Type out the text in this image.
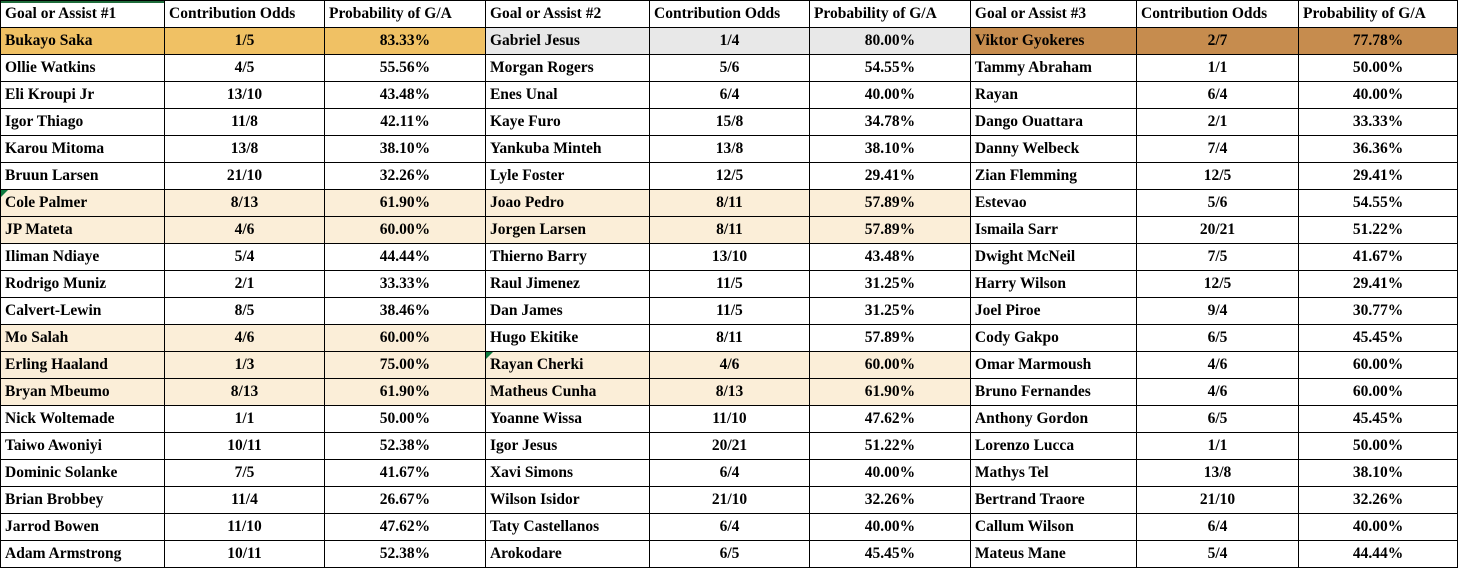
Goal or Assist #1	Contribution Odds	Probability of G/A	Goal or Assist #2	Contribution Odds	Probability of G/A	Goal or Assist #3	Contribution Odds	Probability of G/A
Bukayo Saka	1/5	83.33%	Gabriel Jesus	1/4	80.00%	Viktor Gyokeres	2/7	77.78%
Ollie Watkins	4/5	55.56%	Morgan Rogers	5/6	54.55%	Tammy Abraham	1/1	50.00%
Eli Kroupi Jr	13/10	43.48%	Enes Unal	6/4	40.00%	Rayan	6/4	40.00%
Igor Thiago	11/8	42.11%	Kaye Furo	15/8	34.78%	Dango Ouattara	2/1	33.33%
Karou Mitoma	13/8	38.10%	Yankuba Minteh	13/8	38.10%	Danny Welbeck	7/4	36.36%
Bruun Larsen	21/10	32.26%	Lyle Foster	12/5	29.41%	Zian Flemming	12/5	29.41%
Cole Palmer	8/13	61.90%	Joao Pedro	8/11	57.89%	Estevao	5/6	54.55%
JP Mateta	4/6	60.00%	Jorgen Larsen	8/11	57.89%	Ismaila Sarr	20/21	51.22%
Iliman Ndiaye	5/4	44.44%	Thierno Barry	13/10	43.48%	Dwight McNeil	7/5	41.67%
Rodrigo Muniz	2/1	33.33%	Raul Jimenez	11/5	31.25%	Harry Wilson	12/5	29.41%
Calvert-Lewin	8/5	38.46%	Dan James	11/5	31.25%	Joel Piroe	9/4	30.77%
Mo Salah	4/6	60.00%	Hugo Ekitike	8/11	57.89%	Cody Gakpo	6/5	45.45%
Erling Haaland	1/3	75.00%	Rayan Cherki	4/6	60.00%	Omar Marmoush	4/6	60.00%
Bryan Mbeumo	8/13	61.90%	Matheus Cunha	8/13	61.90%	Bruno Fernandes	4/6	60.00%
Nick Woltemade	1/1	50.00%	Yoanne Wissa	11/10	47.62%	Anthony Gordon	6/5	45.45%
Taiwo Awoniyi	10/11	52.38%	Igor Jesus	20/21	51.22%	Lorenzo Lucca	1/1	50.00%
Dominic Solanke	7/5	41.67%	Xavi Simons	6/4	40.00%	Mathys Tel	13/8	38.10%
Brian Brobbey	11/4	26.67%	Wilson Isidor	21/10	32.26%	Bertrand Traore	21/10	32.26%
Jarrod Bowen	11/10	47.62%	Taty Castellanos	6/4	40.00%	Callum Wilson	6/4	40.00%
Adam Armstrong	10/11	52.38%	Arokodare	6/5	45.45%	Mateus Mane	5/4	44.44%
